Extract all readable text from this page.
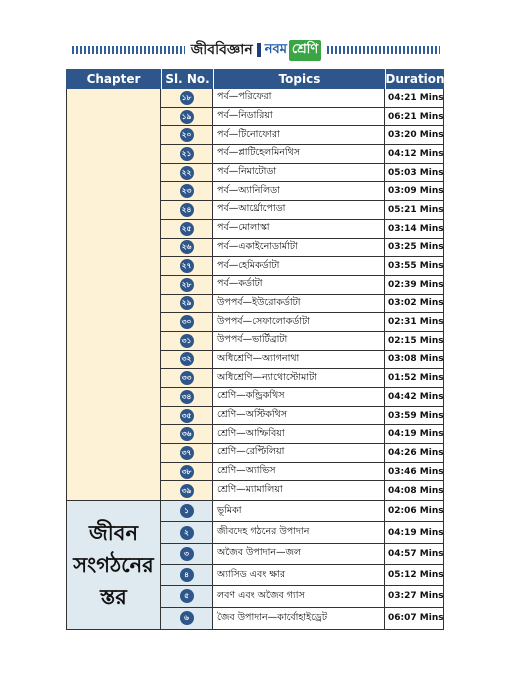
জীববিজ্ঞান নবম শ্রেণি
Chapter	Sl. No.	Topics	Duration
১৮	পর্ব—পরিফেরা	04:21 Mins
১৯	পর্ব—নিডারিয়া	06:21 Mins
২০	পর্ব—টিনোফোরা	03:20 Mins
২১	পর্ব—প্লাটিহেলমিনথিস	04:12 Mins
২২	পর্ব—নিমাটোডা	05:03 Mins
২৩	পর্ব—অ্যানিলিডা	03:09 Mins
২৪	পর্ব—আর্থ্রোপোডা	05:21 Mins
২৫	পর্ব—মোলাস্কা	03:14 Mins
২৬	পর্ব—একাইনোডার্মাটা	03:25 Mins
২৭	পর্ব—হেমিকর্ডাটা	03:55 Mins
২৮	পর্ব—কর্ডাটা	02:39 Mins
২৯	উপপর্ব—ইউরোকর্ডাটা	03:02 Mins
৩০	উপপর্ব—সেফালোকর্ডাটা	02:31 Mins
৩১	উপপর্ব—ভার্টিব্রাটা	02:15 Mins
৩২	অধিশ্রেণি—অ্যাগনাথা	03:08 Mins
৩৩	অধিশ্রেণি—ন্যাথোস্টোমাটা	01:52 Mins
৩৪	শ্রেণি—কন্ড্রিকথিস	04:42 Mins
৩৫	শ্রেণি—অস্টিকথিস	03:59 Mins
৩৬	শ্রেণি—আম্ফিবিয়া	04:19 Mins
৩৭	শ্রেণি—রেপ্টিলিয়া	04:26 Mins
৩৮	শ্রেণি—অ্যাভিস	03:46 Mins
৩৯	শ্রেণি—ম্যামালিয়া	04:08 Mins
জীবন
সংগঠনের
স্তর
১	ভূমিকা	02:06 Mins
২	জীবদেহ গঠনের উপাদান	04:19 Mins
৩	অজৈব উপাদান—জল	04:57 Mins
৪	অ্যাসিড এবং ক্ষার	05:12 Mins
৫	লবণ এবং অজৈব গ্যাস	03:27 Mins
৬	জৈব উপাদান—কার্বোহাইড্রেট	06:07 Mins
